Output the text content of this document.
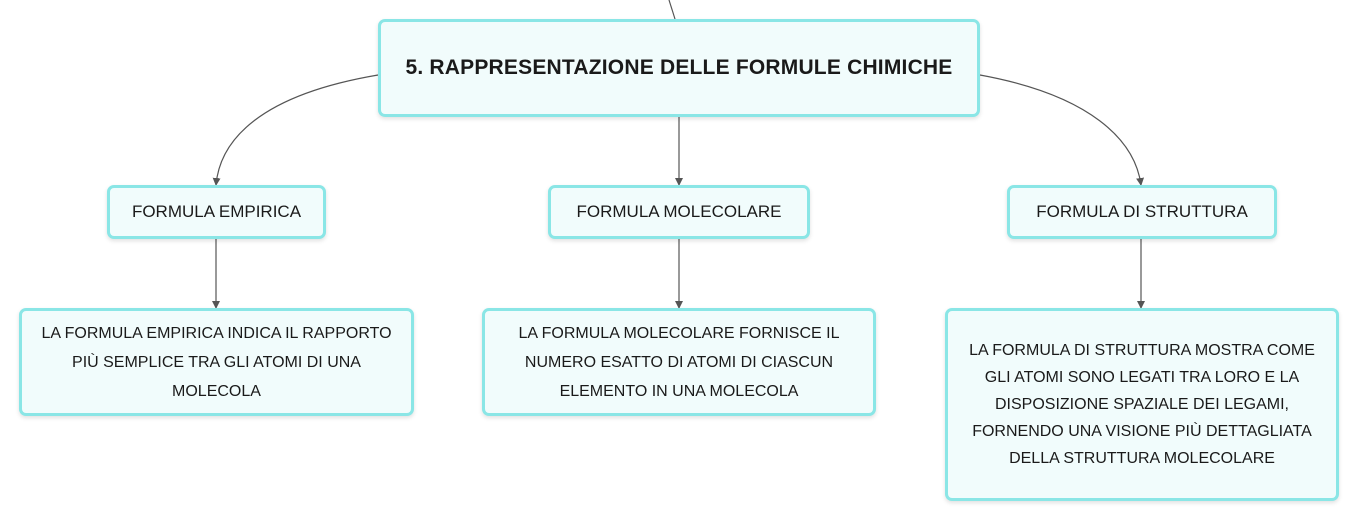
5. RAPPRESENTAZIONE DELLE FORMULE CHIMICHE
FORMULA EMPIRICA	FORMULA MOLECOLARE	FORMULA DI STRUTTURA
LA FORMULA EMPIRICA INDICA IL RAPPORTO PIÙ SEMPLICE TRA GLI ATOMI DI UNA MOLECOLA
LA FORMULA MOLECOLARE FORNISCE IL NUMERO ESATTO DI ATOMI DI CIASCUN ELEMENTO IN UNA MOLECOLA
LA FORMULA DI STRUTTURA MOSTRA COME GLI ATOMI SONO LEGATI TRA LORO E LA DISPOSIZIONE SPAZIALE DEI LEGAMI, FORNENDO UNA VISIONE PIÙ DETTAGLIATA DELLA STRUTTURA MOLECOLARE
